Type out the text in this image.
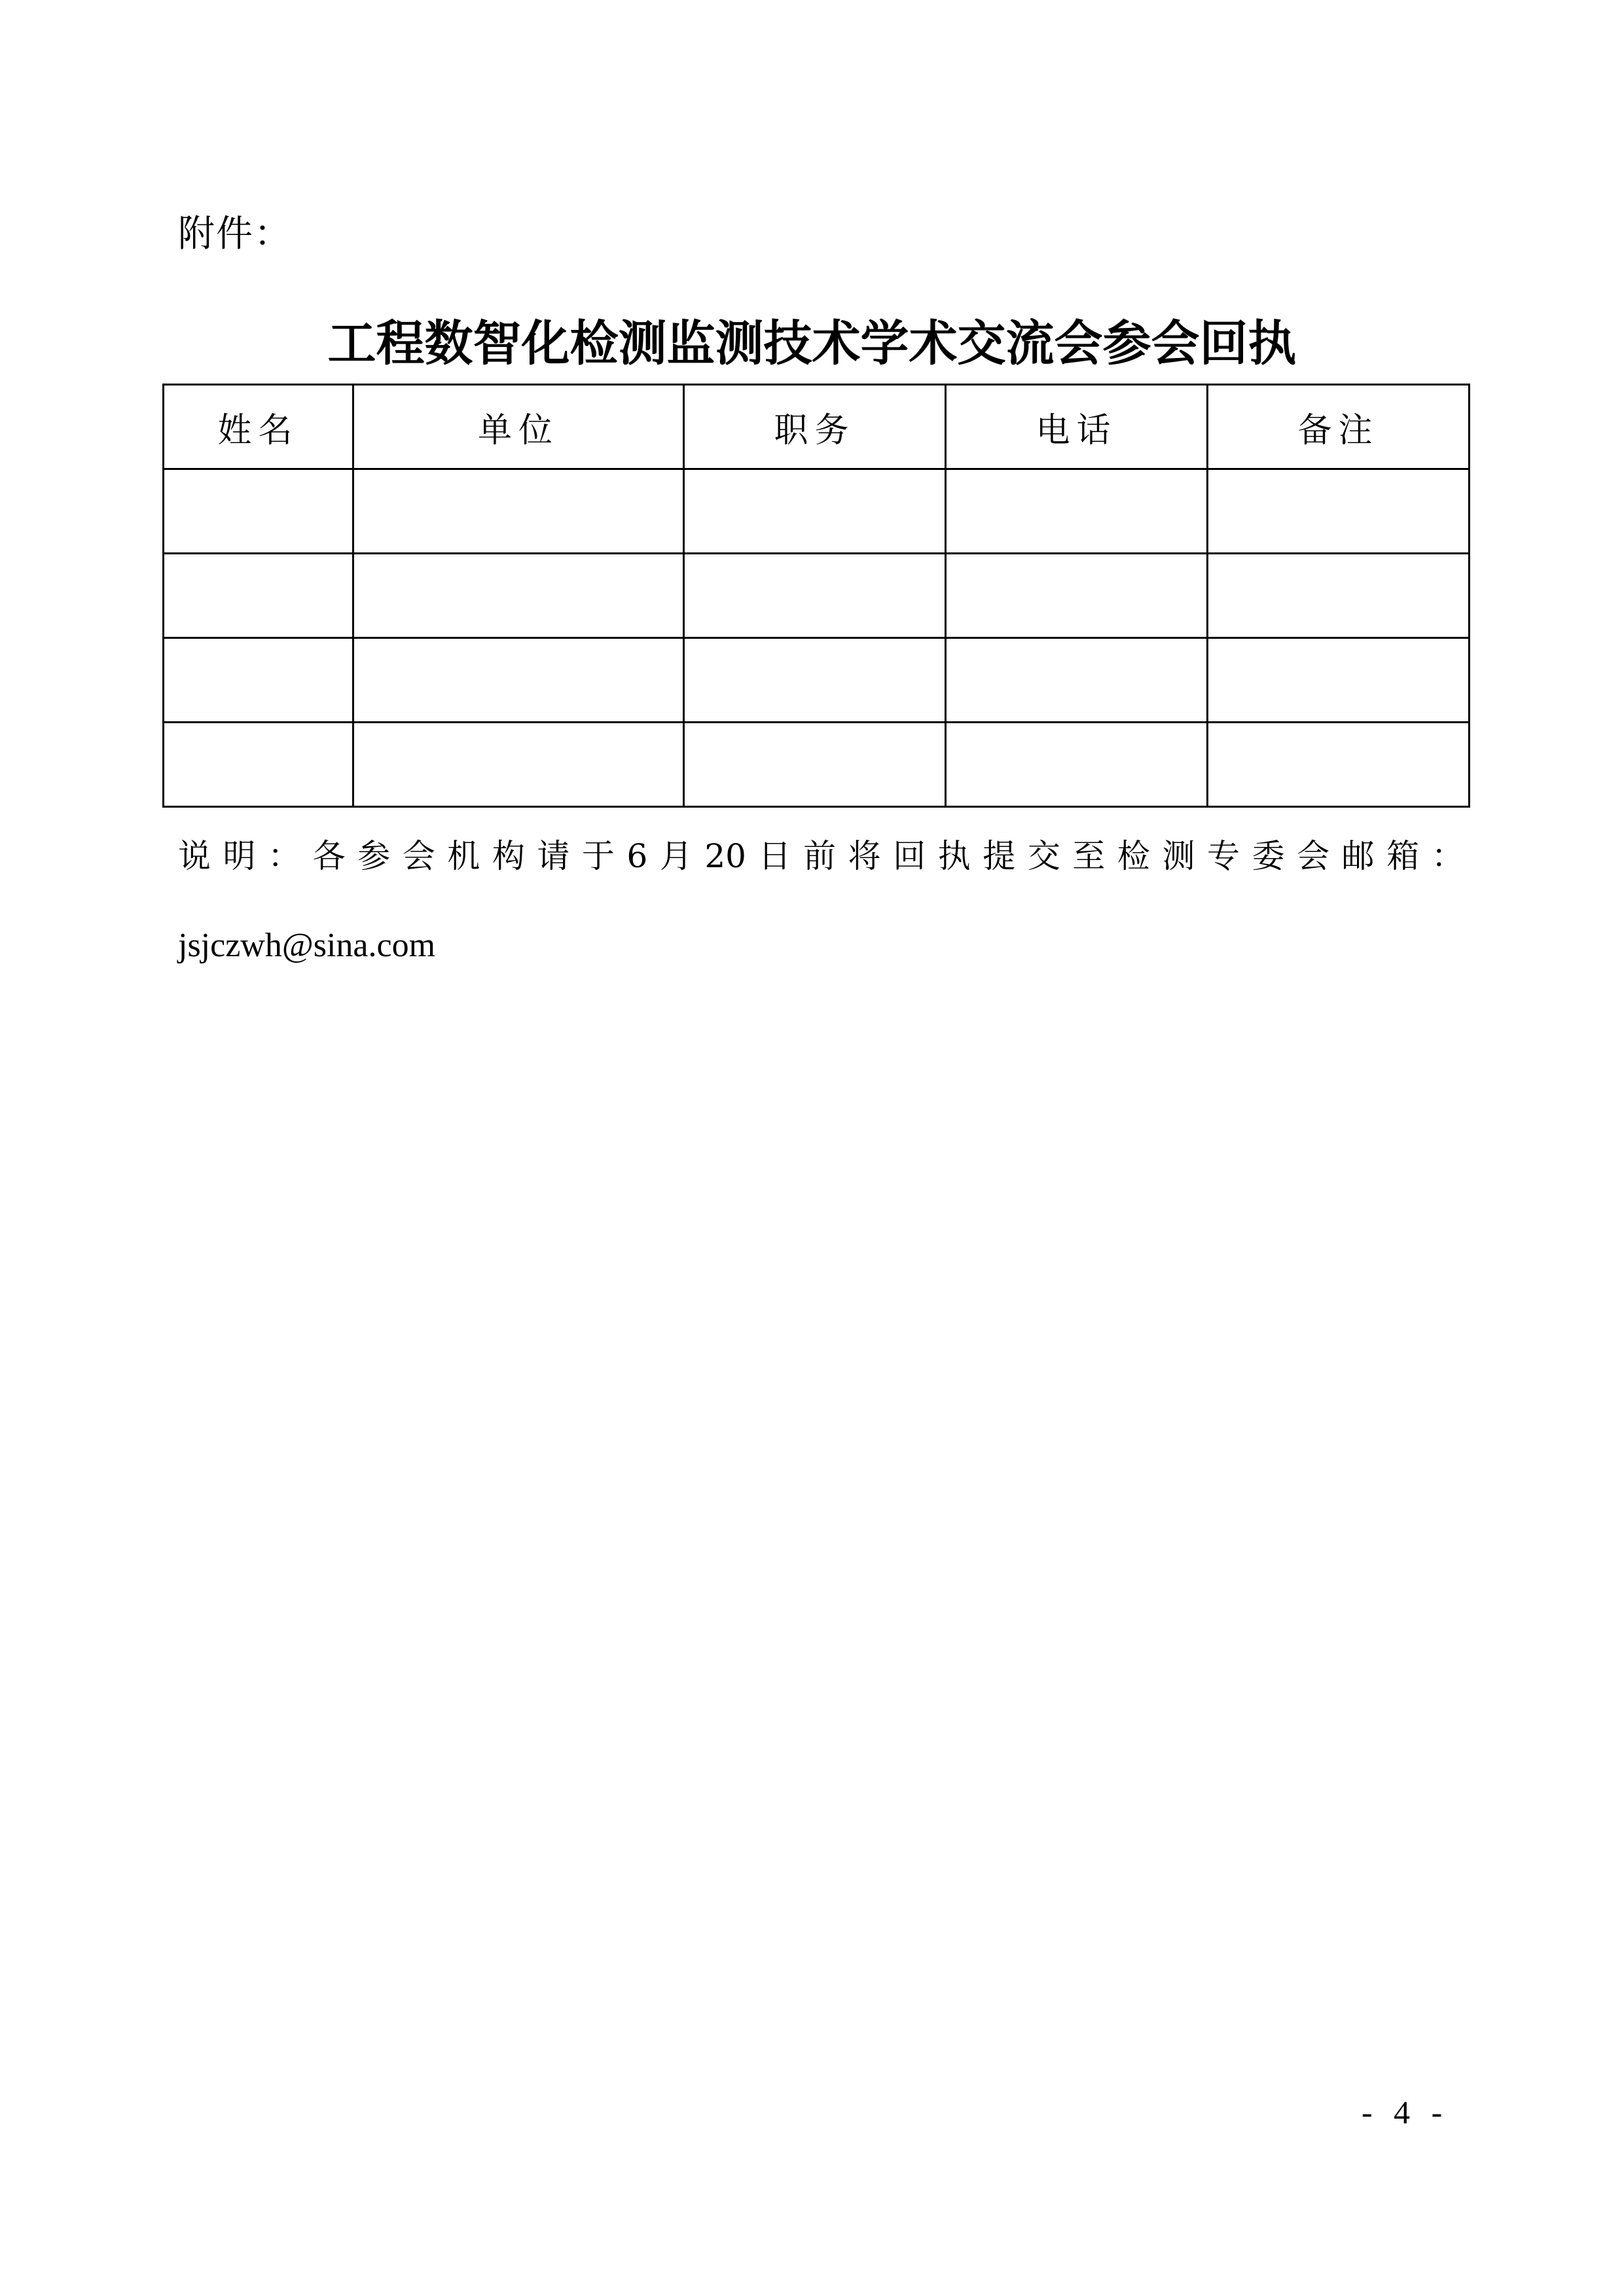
附件：
工程数智化检测监测技术学术交流会参会回执
姓名	单位	职务	电话	备注

说 明 ： 各 参 会 机 构 请 于 6 月 20 日 前 将 回 执 提 交 至 检 测 专 委 会 邮 箱 ：
jsjczwh@sina.com
- 4 -
